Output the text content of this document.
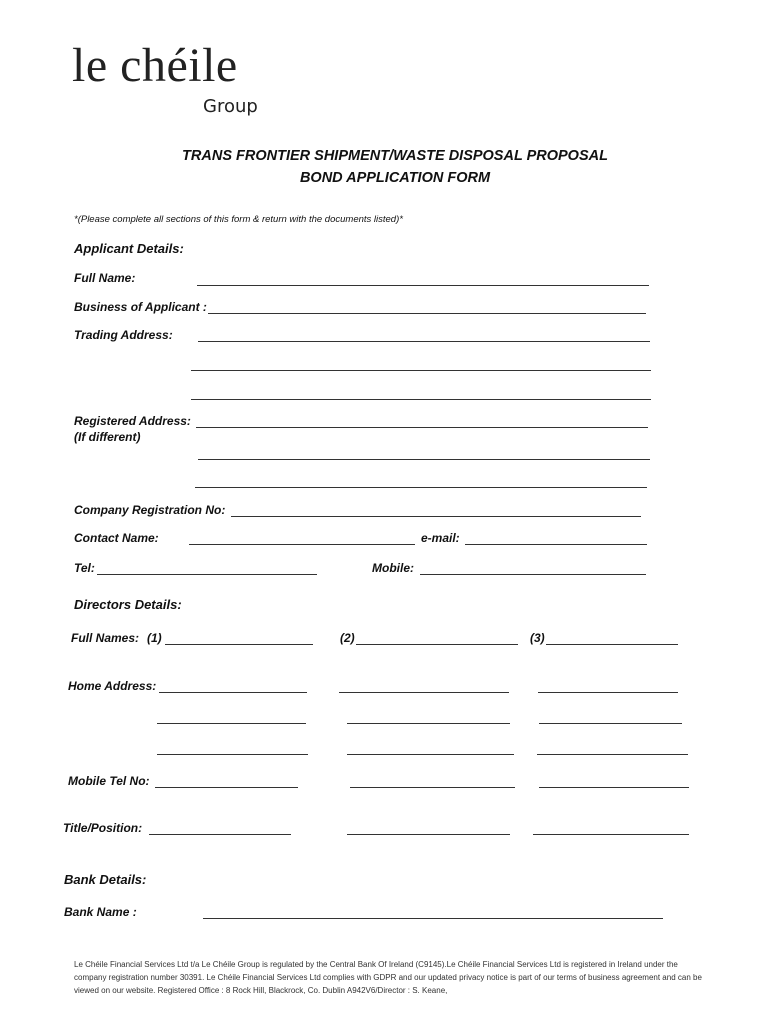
le chéile
Group
TRANS FRONTIER SHIPMENT/WASTE DISPOSAL PROPOSAL
BOND APPLICATION FORM
*(Please complete all sections of this form & return with the documents listed)*
Applicant Details:
Full Name:
Business of Applicant :
Trading Address:
Registered Address:
(If different)
Company Registration No:
Contact Name:	e-mail:
Tel:	Mobile:
Directors Details:
Full Names: (1)	(2)	(3)
Home Address:
Mobile Tel No:
Title/Position:
Bank Details:
Bank Name :
Le Chéile Financial Services Ltd t/a Le Chéile Group is regulated by the Central Bank Of Ireland (C9145).Le Chéile Financial Services Ltd is registered in Ireland under the company registration number 30391. Le Chéile Financial Services Ltd complies with GDPR and our updated privacy notice is part of our terms of business agreement and can be viewed on our website. Registered Office : 8 Rock Hill, Blackrock, Co. Dublin A942V6/Director : S. Keane,
